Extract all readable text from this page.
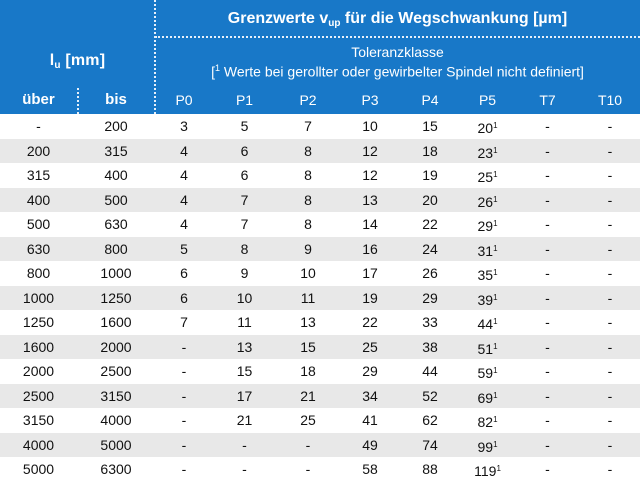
$l_u$ [mm]
Grenzwerte $v_{up}$ für die Wegschwankung [µm]
Toleranzklasse
[$^1$ Werte bei gerollter oder gewirbelter Spindel nicht definiert]
über	bis	P0	P1	P2	P3	P4	P5	T7	T10
-	200	3	5	7	10	15	$20^1$	-	-
200	315	4	6	8	12	18	$23^1$	-	-
315	400	4	6	8	12	19	$25^1$	-	-
400	500	4	7	8	13	20	$26^1$	-	-
500	630	4	7	8	14	22	$29^1$	-	-
630	800	5	8	9	16	24	$31^1$	-	-
800	1000	6	9	10	17	26	$35^1$	-	-
1000	1250	6	10	11	19	29	$39^1$	-	-
1250	1600	7	11	13	22	33	$44^1$	-	-
1600	2000	-	13	15	25	38	$51^1$	-	-
2000	2500	-	15	18	29	44	$59^1$	-	-
2500	3150	-	17	21	34	52	$69^1$	-	-
3150	4000	-	21	25	41	62	$82^1$	-	-
4000	5000	-	-	-	49	74	$99^1$	-	-
5000	6300	-	-	-	58	88	$119^1$	-	-
